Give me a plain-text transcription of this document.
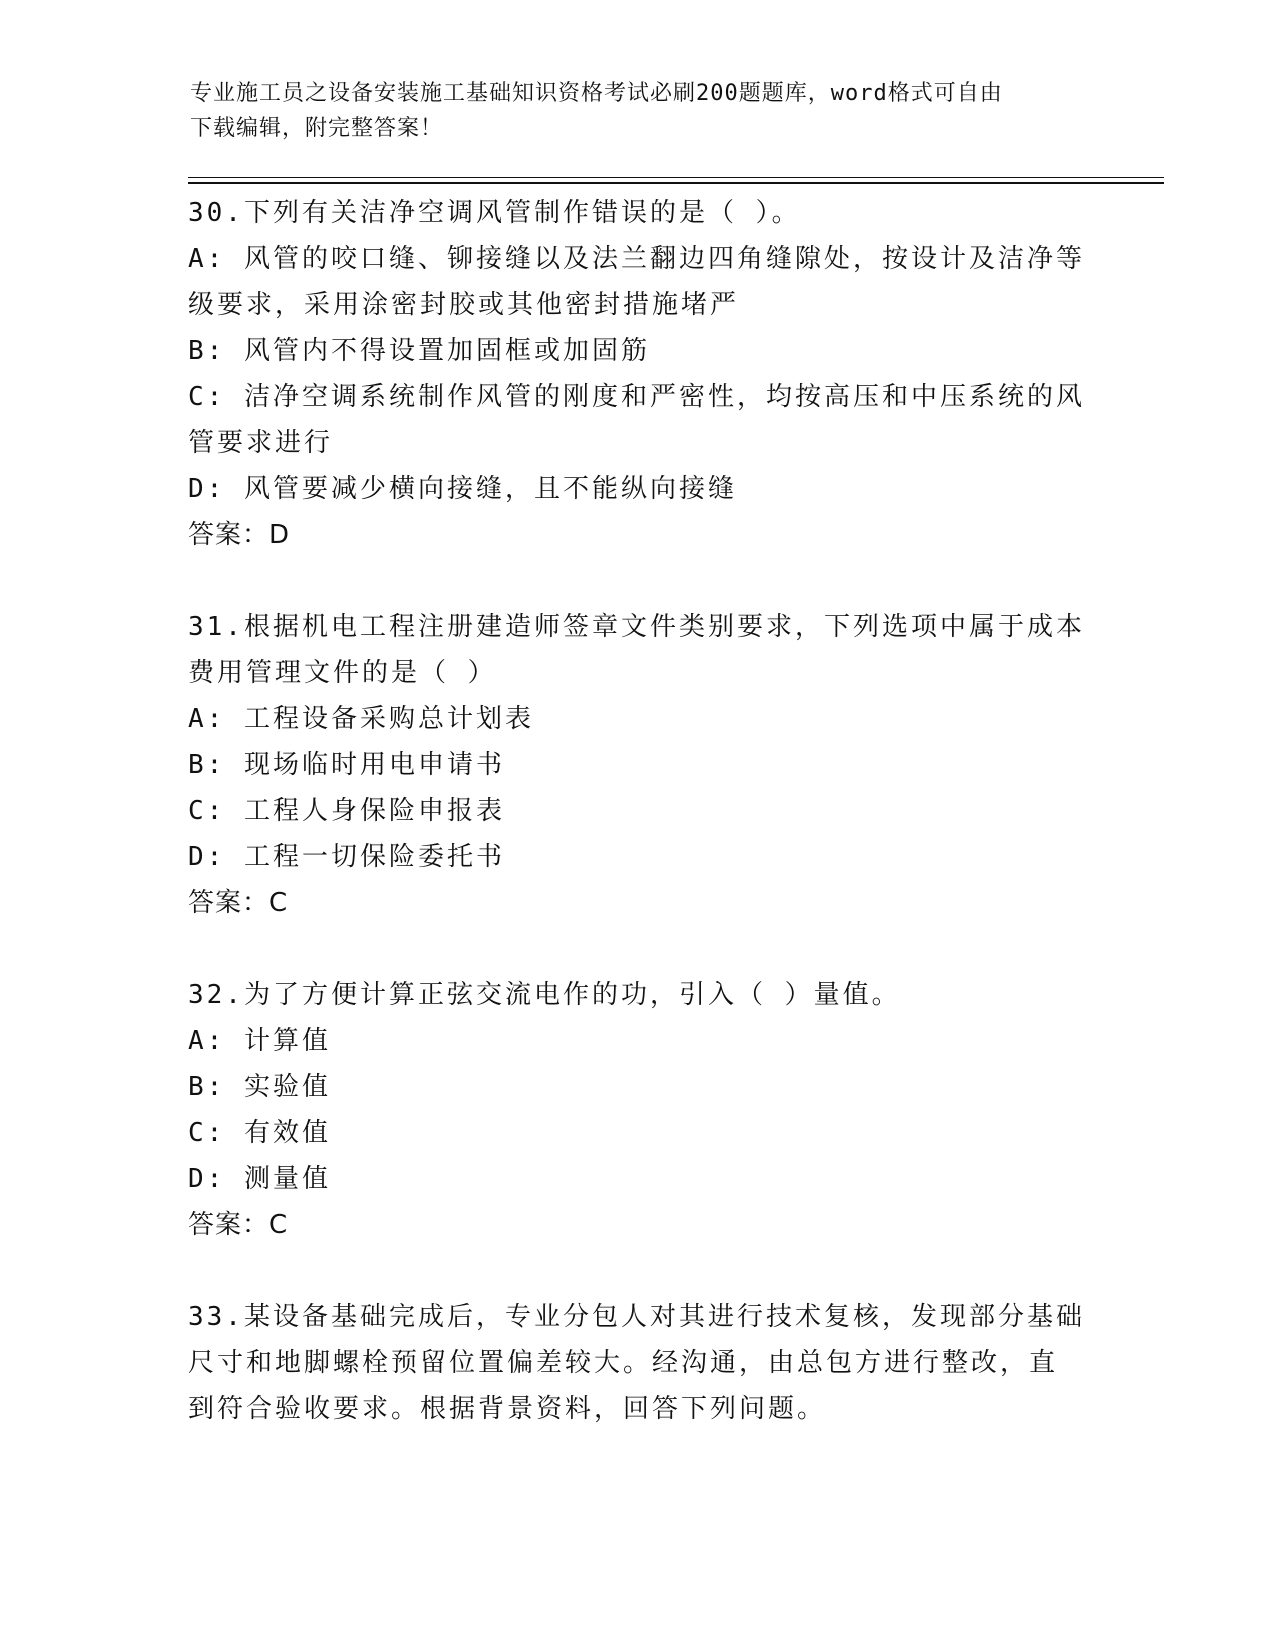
专业施工员之设备安装施工基础知识资格考试必刷200题题库，word格式可自由
下载编辑，附完整答案！
30.下列有关洁净空调风管制作错误的是（ ）。
A: 风管的咬口缝、铆接缝以及法兰翻边四角缝隙处，按设计及洁净等
级要求，采用涂密封胶或其他密封措施堵严
B: 风管内不得设置加固框或加固筋
C: 洁净空调系统制作风管的刚度和严密性，均按高压和中压系统的风
管要求进行
D: 风管要减少横向接缝，且不能纵向接缝
答案：D
31.根据机电工程注册建造师签章文件类别要求，下列选项中属于成本
费用管理文件的是（ ）
A: 工程设备采购总计划表
B: 现场临时用电申请书
C: 工程人身保险申报表
D: 工程一切保险委托书
答案：C
32.为了方便计算正弦交流电作的功，引入（ ）量值。
A: 计算值
B: 实验值
C: 有效值
D: 测量值
答案：C
33.某设备基础完成后，专业分包人对其进行技术复核，发现部分基础
尺寸和地脚螺栓预留位置偏差较大。经沟通，由总包方进行整改，直
到符合验收要求。根据背景资料，回答下列问题。
